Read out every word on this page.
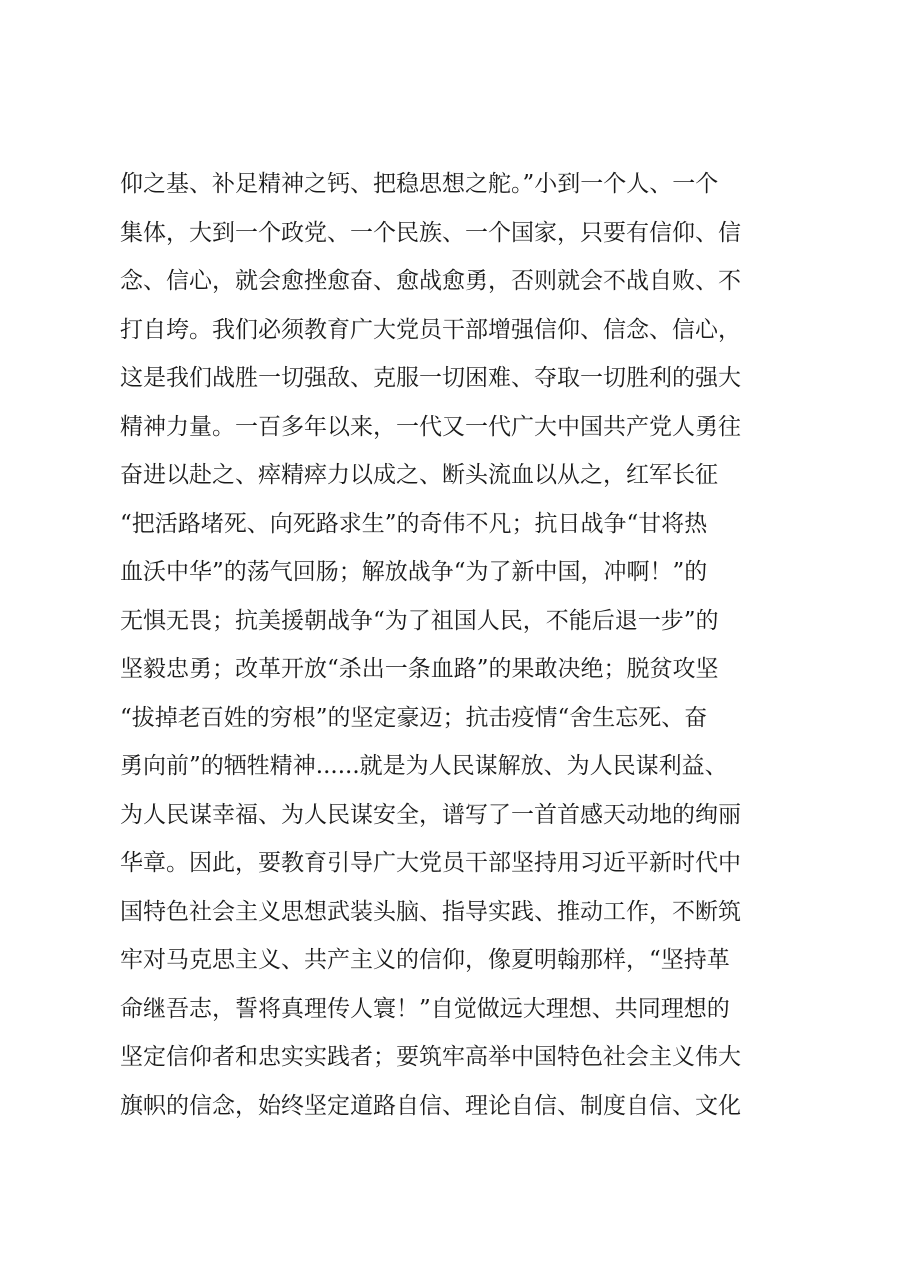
仰之基、补足精神之钙、把稳思想之舵。”小到一个人、一个
集体，大到一个政党、一个民族、一个国家，只要有信仰、信
念、信心，就会愈挫愈奋、愈战愈勇，否则就会不战自败、不
打自垮。我们必须教育广大党员干部增强信仰、信念、信心，
这是我们战胜一切强敌、克服一切困难、夺取一切胜利的强大
精神力量。一百多年以来，一代又一代广大中国共产党人勇往
奋进以赴之、瘁精瘁力以成之、断头流血以从之，红军长征
“把活路堵死、向死路求生”的奇伟不凡；抗日战争“甘将热
血沃中华”的荡气回肠；解放战争“为了新中国，冲啊！”的
无惧无畏；抗美援朝战争“为了祖国人民，不能后退一步”的
坚毅忠勇；改革开放“杀出一条血路”的果敢决绝；脱贫攻坚
“拔掉老百姓的穷根”的坚定豪迈；抗击疫情“舍生忘死、奋
勇向前”的牺牲精神......就是为人民谋解放、为人民谋利益、
为人民谋幸福、为人民谋安全，谱写了一首首感天动地的绚丽
华章。因此，要教育引导广大党员干部坚持用习近平新时代中
国特色社会主义思想武装头脑、指导实践、推动工作，不断筑
牢对马克思主义、共产主义的信仰，像夏明翰那样，“坚持革
命继吾志，誓将真理传人寰！”自觉做远大理想、共同理想的
坚定信仰者和忠实实践者；要筑牢高举中国特色社会主义伟大
旗帜的信念，始终坚定道路自信、理论自信、制度自信、文化
